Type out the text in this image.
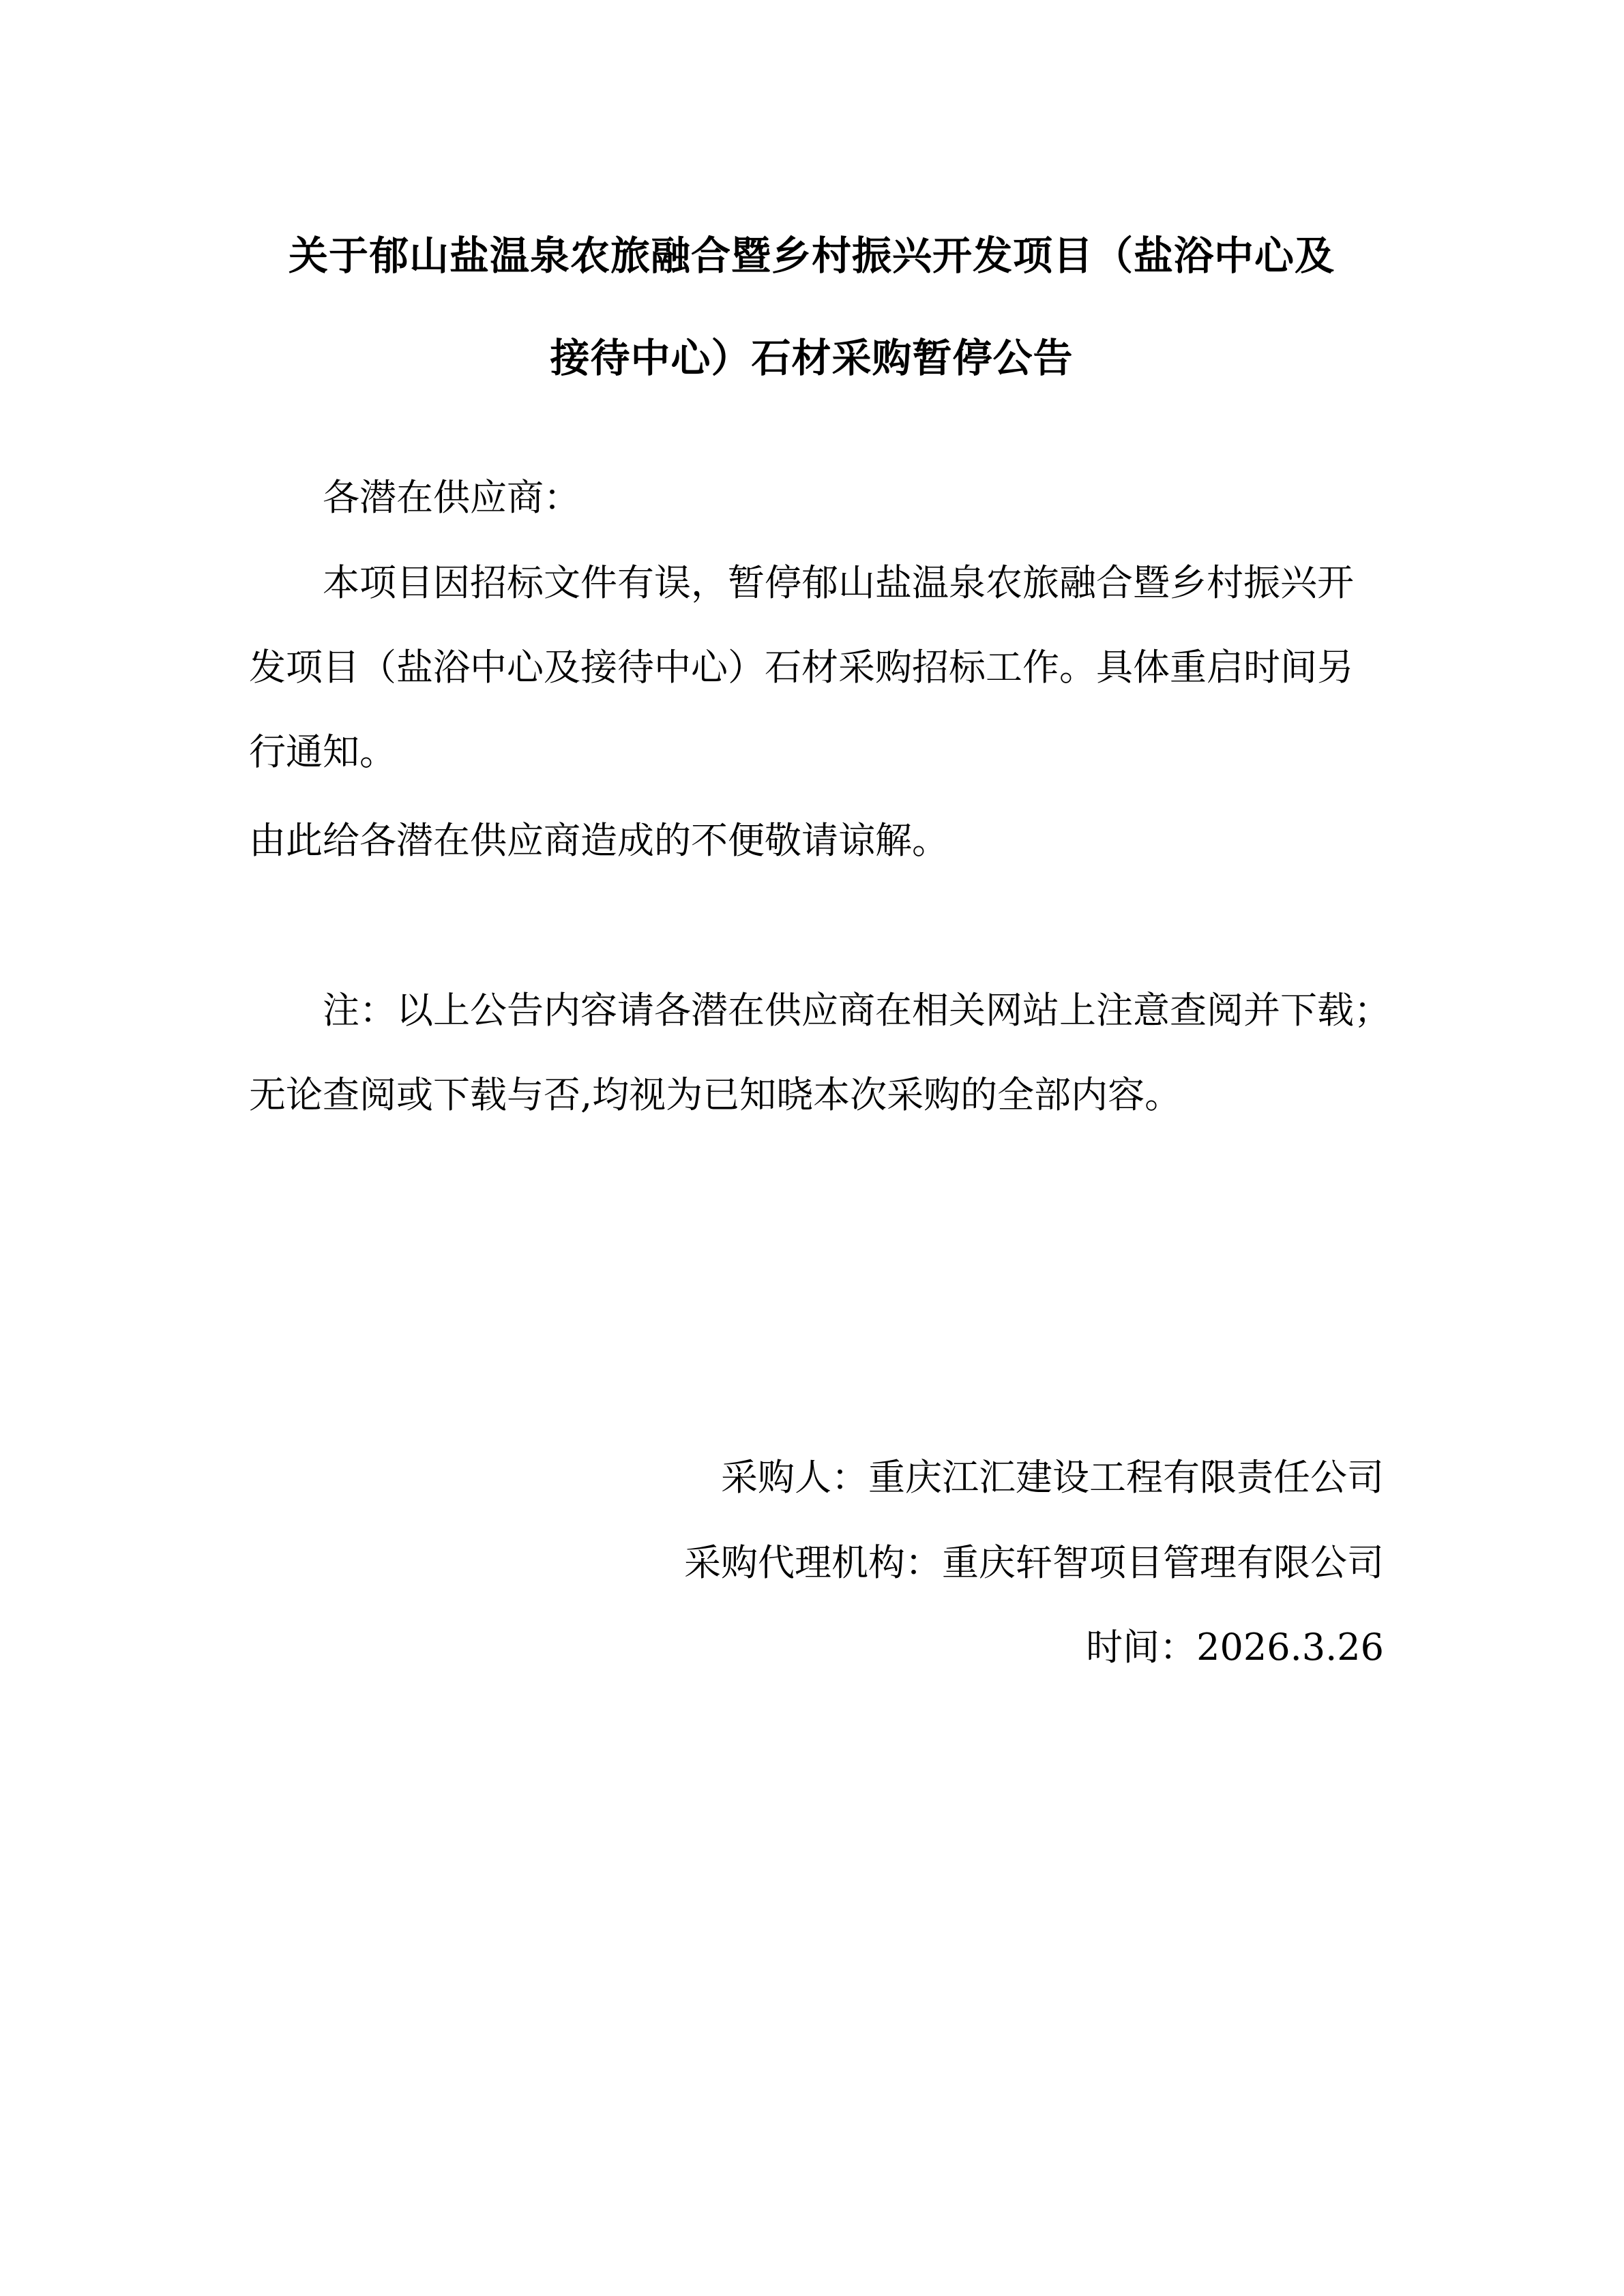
关于郁山盐温泉农旅融合暨乡村振兴开发项目（盐浴中心及
接待中心）石材采购暂停公告
各潜在供应商：
本项目因招标文件有误，暂停郁山盐温泉农旅融合暨乡村振兴开
发项目（盐浴中心及接待中心）石材采购招标工作。具体重启时间另
行通知。
由此给各潜在供应商造成的不便敬请谅解。
注：以上公告内容请各潜在供应商在相关网站上注意查阅并下载；
无论查阅或下载与否,均视为已知晓本次采购的全部内容。
采购人：重庆江汇建设工程有限责任公司
采购代理机构：重庆轩智项目管理有限公司
时间：2026.3.26
